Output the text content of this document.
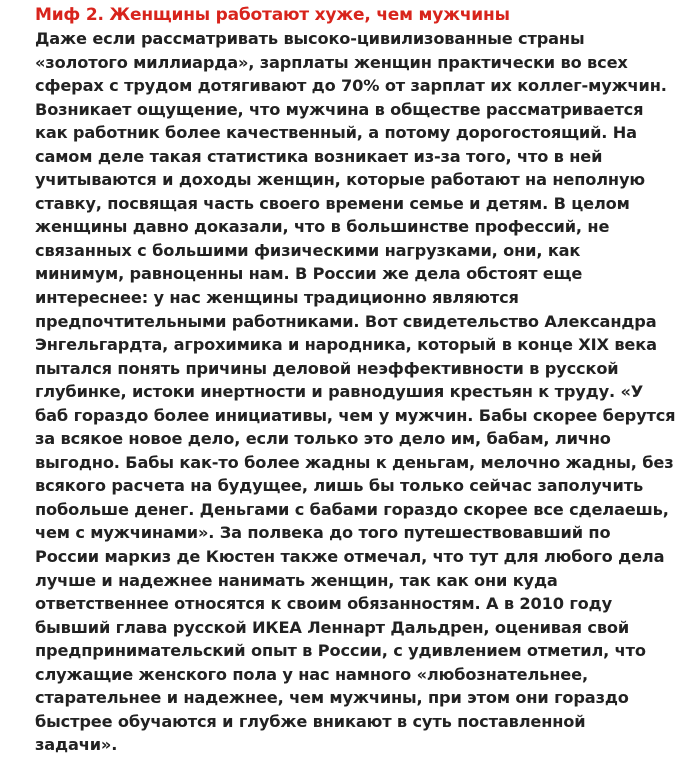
Миф 2. Женщины работают хуже, чем мужчины
Даже если рассматривать высоко-цивилизованные страны
«золотого миллиарда», зарплаты женщин практически во всех
сферах с трудом дотягивают до 70% от зарплат их коллег-мужчин.
Возникает ощущение, что мужчина в обществе рассматривается
как работник более качественный, а потому дорогостоящий. На
самом деле такая статистика возникает из-за того, что в ней
учитываются и доходы женщин, которые работают на неполную
ставку, посвящая часть своего времени семье и детям. В целом
женщины давно доказали, что в большинстве профессий, не
связанных с большими физическими нагрузками, они, как
минимум, равноценны нам. В России же дела обстоят еще
интереснее: у нас женщины традиционно являются
предпочтительными работниками. Вот свидетельство Александра
Энгельгардта, агрохимика и народника, который в конце XIX века
пытался понять причины деловой неэффективности в русской
глубинке, истоки инертности и равнодушия крестьян к труду. «У
баб гораздо более инициативы, чем у мужчин. Бабы скорее берутся
за всякое новое дело, если только это дело им, бабам, лично
выгодно. Бабы как-то более жадны к деньгам, мелочно жадны, без
всякого расчета на будущее, лишь бы только сейчас заполучить
побольше денег. Деньгами с бабами гораздо скорее все сделаешь,
чем с мужчинами». За полвека до того путешествовавший по
России маркиз де Кюстен также отмечал, что тут для любого дела
лучше и надежнее нанимать женщин, так как они куда
ответственнее относятся к своим обязанностям. А в 2010 году
бывший глава русской ИКЕА Леннарт Дальдрен, оценивая свой
предпринимательский опыт в России, с удивлением отметил, что
служащие женского пола у нас намного «любознательнее,
старательнее и надежнее, чем мужчины, при этом они гораздо
быстрее обучаются и глубже вникают в суть поставленной
задачи».
